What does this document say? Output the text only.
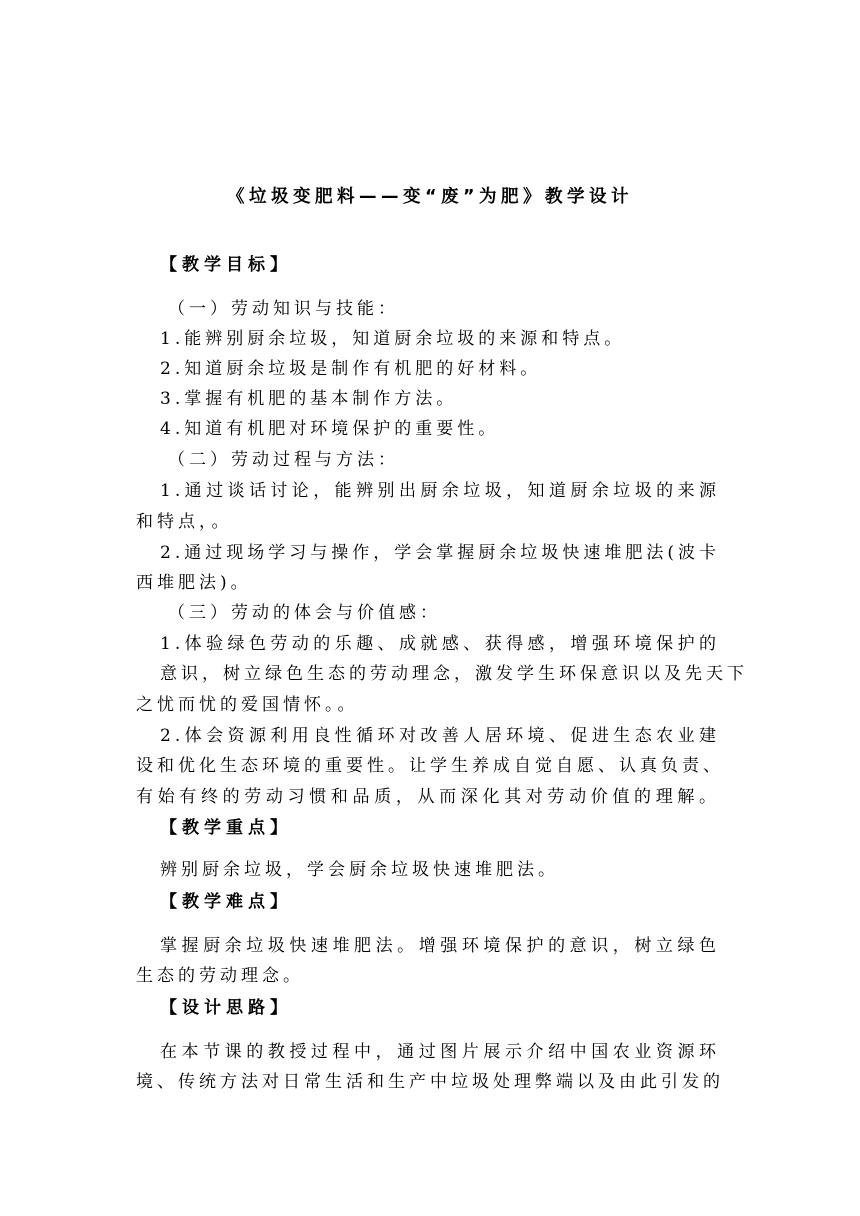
《垃圾变肥料——变“废”为肥》教学设计
【教学目标】
（一）劳动知识与技能：
1.能辨别厨余垃圾，知道厨余垃圾的来源和特点。
2.知道厨余垃圾是制作有机肥的好材料。
3.掌握有机肥的基本制作方法。
4.知道有机肥对环境保护的重要性。
（二）劳动过程与方法：
1.通过谈话讨论，能辨别出厨余垃圾，知道厨余垃圾的来源
和特点，。
2.通过现场学习与操作，学会掌握厨余垃圾快速堆肥法(波卡
西堆肥法)。
（三）劳动的体会与价值感：
1.体验绿色劳动的乐趣、成就感、获得感，增强环境保护的
意识，树立绿色生态的劳动理念，激发学生环保意识以及先天下
之忧而忧的爱国情怀。。
2.体会资源利用良性循环对改善人居环境、促进生态农业建
设和优化生态环境的重要性。让学生养成自觉自愿、认真负责、
有始有终的劳动习惯和品质，从而深化其对劳动价值的理解。
【教学重点】
辨别厨余垃圾，学会厨余垃圾快速堆肥法。
【教学难点】
掌握厨余垃圾快速堆肥法。增强环境保护的意识，树立绿色
生态的劳动理念。
【设计思路】
在本节课的教授过程中，通过图片展示介绍中国农业资源环
境、传统方法对日常生活和生产中垃圾处理弊端以及由此引发的
